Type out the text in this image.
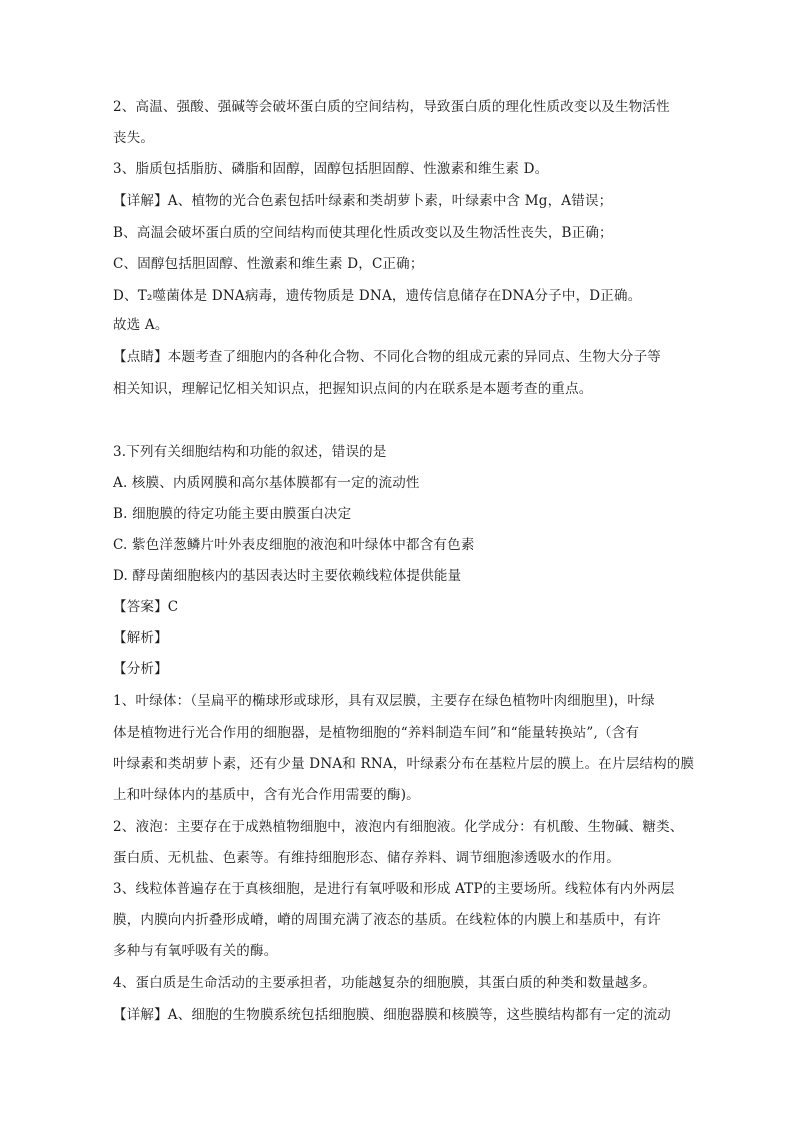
2、高温、强酸、强碱等会破坏蛋白质的空间结构，导致蛋白质的理化性质改变以及生物活性
丧失。
3、脂质包括脂肪、磷脂和固醇，固醇包括胆固醇、性激素和维生素 D。
【详解】A、植物的光合色素包括叶绿素和类胡萝卜素，叶绿素中含 Mg，A错误；
B、高温会破坏蛋白质的空间结构而使其理化性质改变以及生物活性丧失，B正确；
C、固醇包括胆固醇、性激素和维生素 D，C正确；
D、T₂噬菌体是 DNA病毒，遗传物质是 DNA，遗传信息储存在DNA分子中，D正确。
故选 A。
【点睛】本题考查了细胞内的各种化合物、不同化合物的组成元素的异同点、生物大分子等
相关知识，理解记忆相关知识点，把握知识点间的内在联系是本题考查的重点。
3.下列有关细胞结构和功能的叙述，错误的是
A. 核膜、内质网膜和高尔基体膜都有一定的流动性
B. 细胞膜的待定功能主要由膜蛋白决定
C. 紫色洋葱鳞片叶外表皮细胞的液泡和叶绿体中都含有色素
D. 酵母菌细胞核内的基因表达时主要依赖线粒体提供能量
【答案】C
【解析】
【分析】
1、叶绿体：（呈扁平的椭球形或球形，具有双层膜，主要存在绿色植物叶肉细胞里)，叶绿
体是植物进行光合作用的细胞器，是植物细胞的“养料制造车间”和“能量转换站”,（含有
叶绿素和类胡萝卜素，还有少量 DNA和 RNA，叶绿素分布在基粒片层的膜上。在片层结构的膜
上和叶绿体内的基质中，含有光合作用需要的酶)。
2、液泡：主要存在于成熟植物细胞中，液泡内有细胞液。化学成分：有机酸、生物碱、糖类、
蛋白质、无机盐、色素等。有维持细胞形态、储存养料、调节细胞渗透吸水的作用。
3、线粒体普遍存在于真核细胞，是进行有氧呼吸和形成 ATP的主要场所。线粒体有内外两层
膜，内膜向内折叠形成嵴，嵴的周围充满了液态的基质。在线粒体的内膜上和基质中，有许
多种与有氧呼吸有关的酶。
4、蛋白质是生命活动的主要承担者，功能越复杂的细胞膜，其蛋白质的种类和数量越多。
【详解】A、细胞的生物膜系统包括细胞膜、细胞器膜和核膜等，这些膜结构都有一定的流动
